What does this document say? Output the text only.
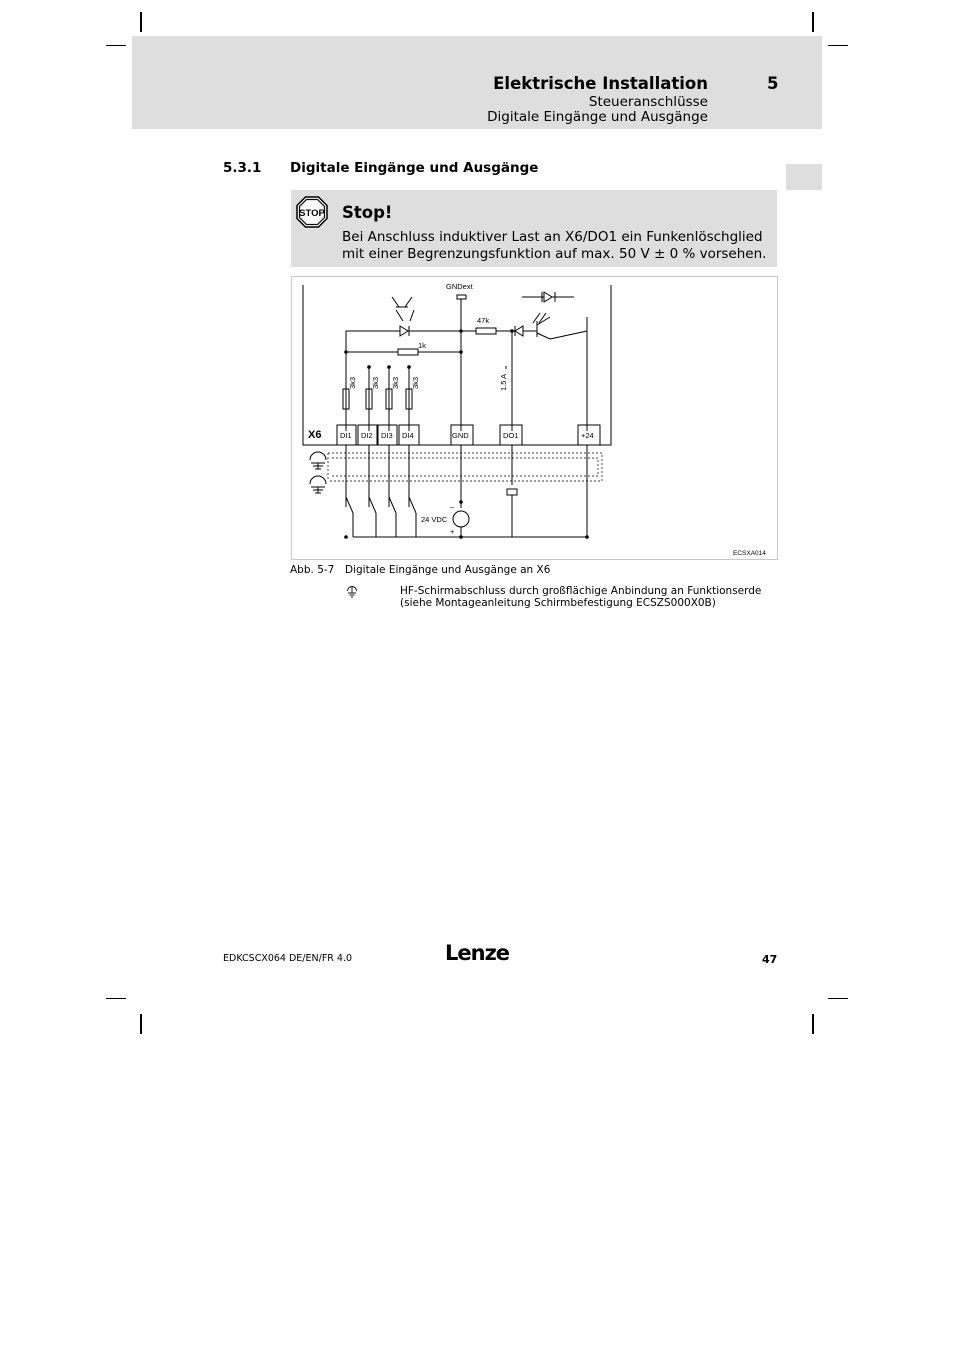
Elektrische Installation	5
Steueranschlüsse
Digitale Eingänge und Ausgänge
5.3.1 Digitale Eingänge und Ausgänge
STOP Stop!
Bei Anschluss induktiver Last an X6/DO1 ein Funkenlöschglied mit einer Begrenzungsfunktion auf max. 50 V ± 0 % vorsehen.
GNDext
47k
1k
3k3 3k3 3k3 3k3	1.5 A
DI1 DI2 DI3 DI4	GND	DO1	+24
24 VDC
–
+
ECSXA014
X6
Abb. 5-7 Digitale Eingänge und Ausgänge an X6
HF-Schirmabschluss durch großflächige Anbindung an Funktionserde (siehe Montageanleitung Schirmbefestigung ECSZS000X0B)
EDKCSCX064 DE/EN/FR 4.0	Lenze	47
